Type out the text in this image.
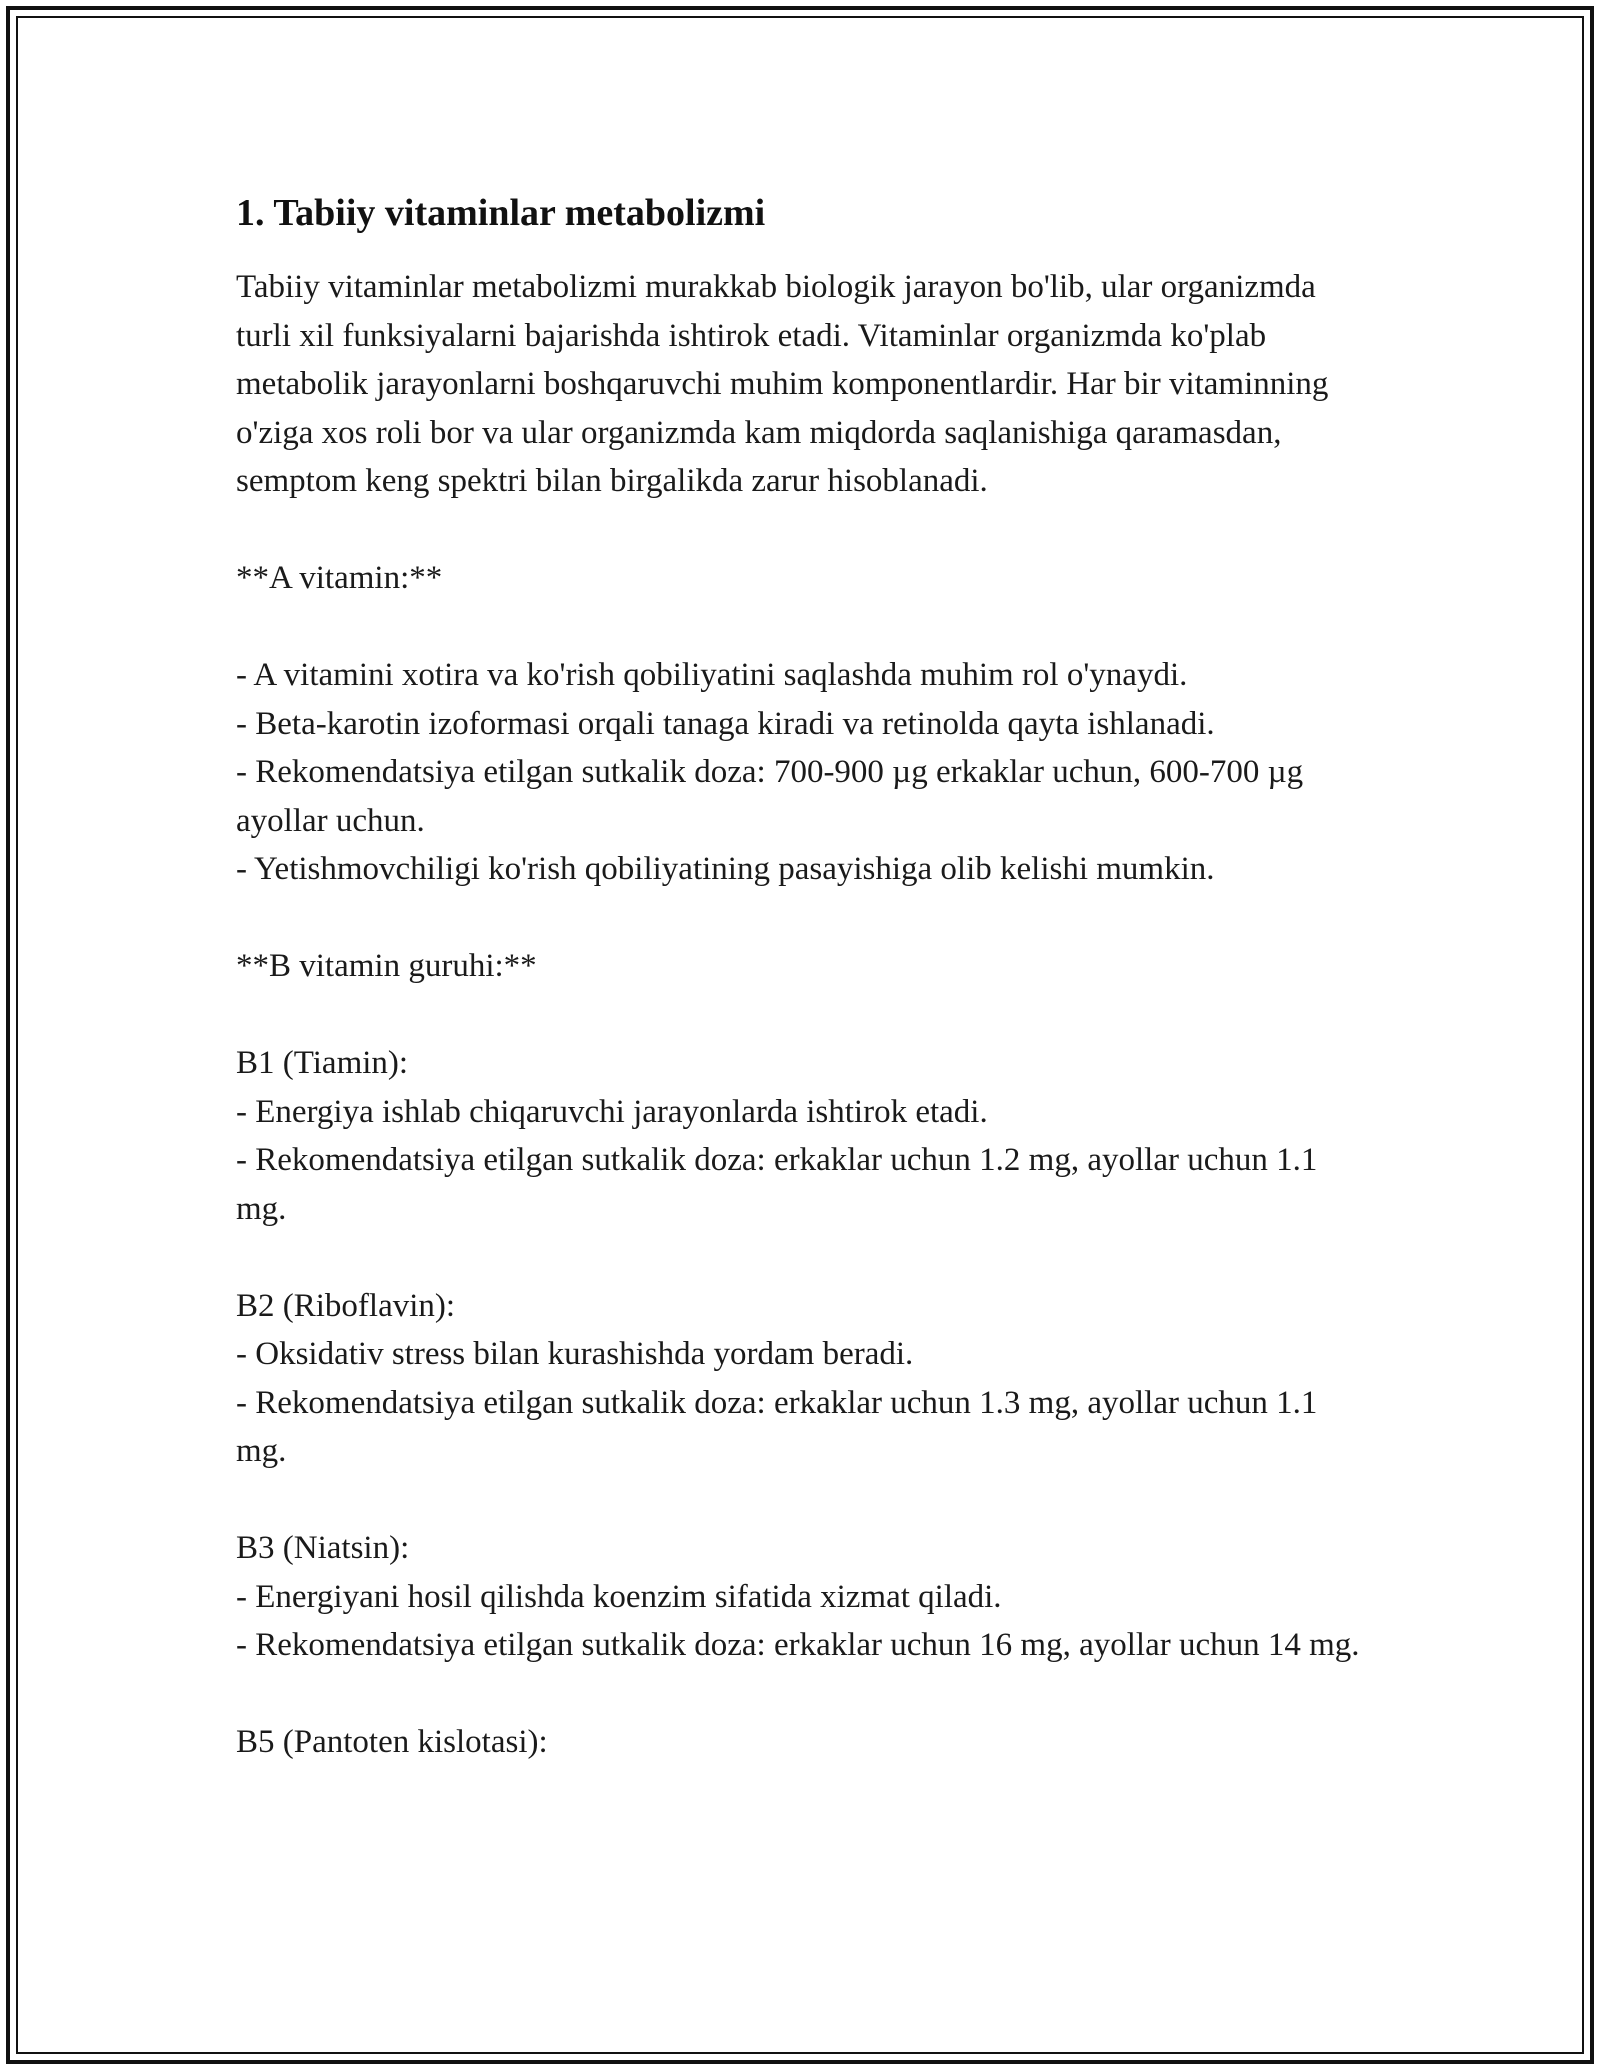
1. Tabiiy vitaminlar metabolizmi

Tabiiy vitaminlar metabolizmi murakkab biologik jarayon bo'lib, ular organizmda turli xil funksiyalarni bajarishda ishtirok etadi. Vitaminlar organizmda ko'plab metabolik jarayonlarni boshqaruvchi muhim komponentlardir. Har bir vitaminning o'ziga xos roli bor va ular organizmda kam miqdorda saqlanishiga qaramasdan, semptom keng spektri bilan birgalikda zarur hisoblanadi.

**A vitamin:**

- A vitamini xotira va ko'rish qobiliyatini saqlashda muhim rol o'ynaydi.

- Beta-karotin izoformasi orqali tanaga kiradi va retinolda qayta ishlanadi.

- Rekomendatsiya etilgan sutkalik doza: 700-900 µg erkaklar uchun, 600-700 µg ayollar uchun.

- Yetishmovchiligi ko'rish qobiliyatining pasayishiga olib kelishi mumkin.

**B vitamin guruhi:**

B1 (Tiamin):

- Energiya ishlab chiqaruvchi jarayonlarda ishtirok etadi.

- Rekomendatsiya etilgan sutkalik doza: erkaklar uchun 1.2 mg, ayollar uchun 1.1 mg.

B2 (Riboflavin):

- Oksidativ stress bilan kurashishda yordam beradi.

- Rekomendatsiya etilgan sutkalik doza: erkaklar uchun 1.3 mg, ayollar uchun 1.1 mg.

B3 (Niatsin):

- Energiyani hosil qilishda koenzim sifatida xizmat qiladi.

- Rekomendatsiya etilgan sutkalik doza: erkaklar uchun 16 mg, ayollar uchun 14 mg.

B5 (Pantoten kislotasi):
